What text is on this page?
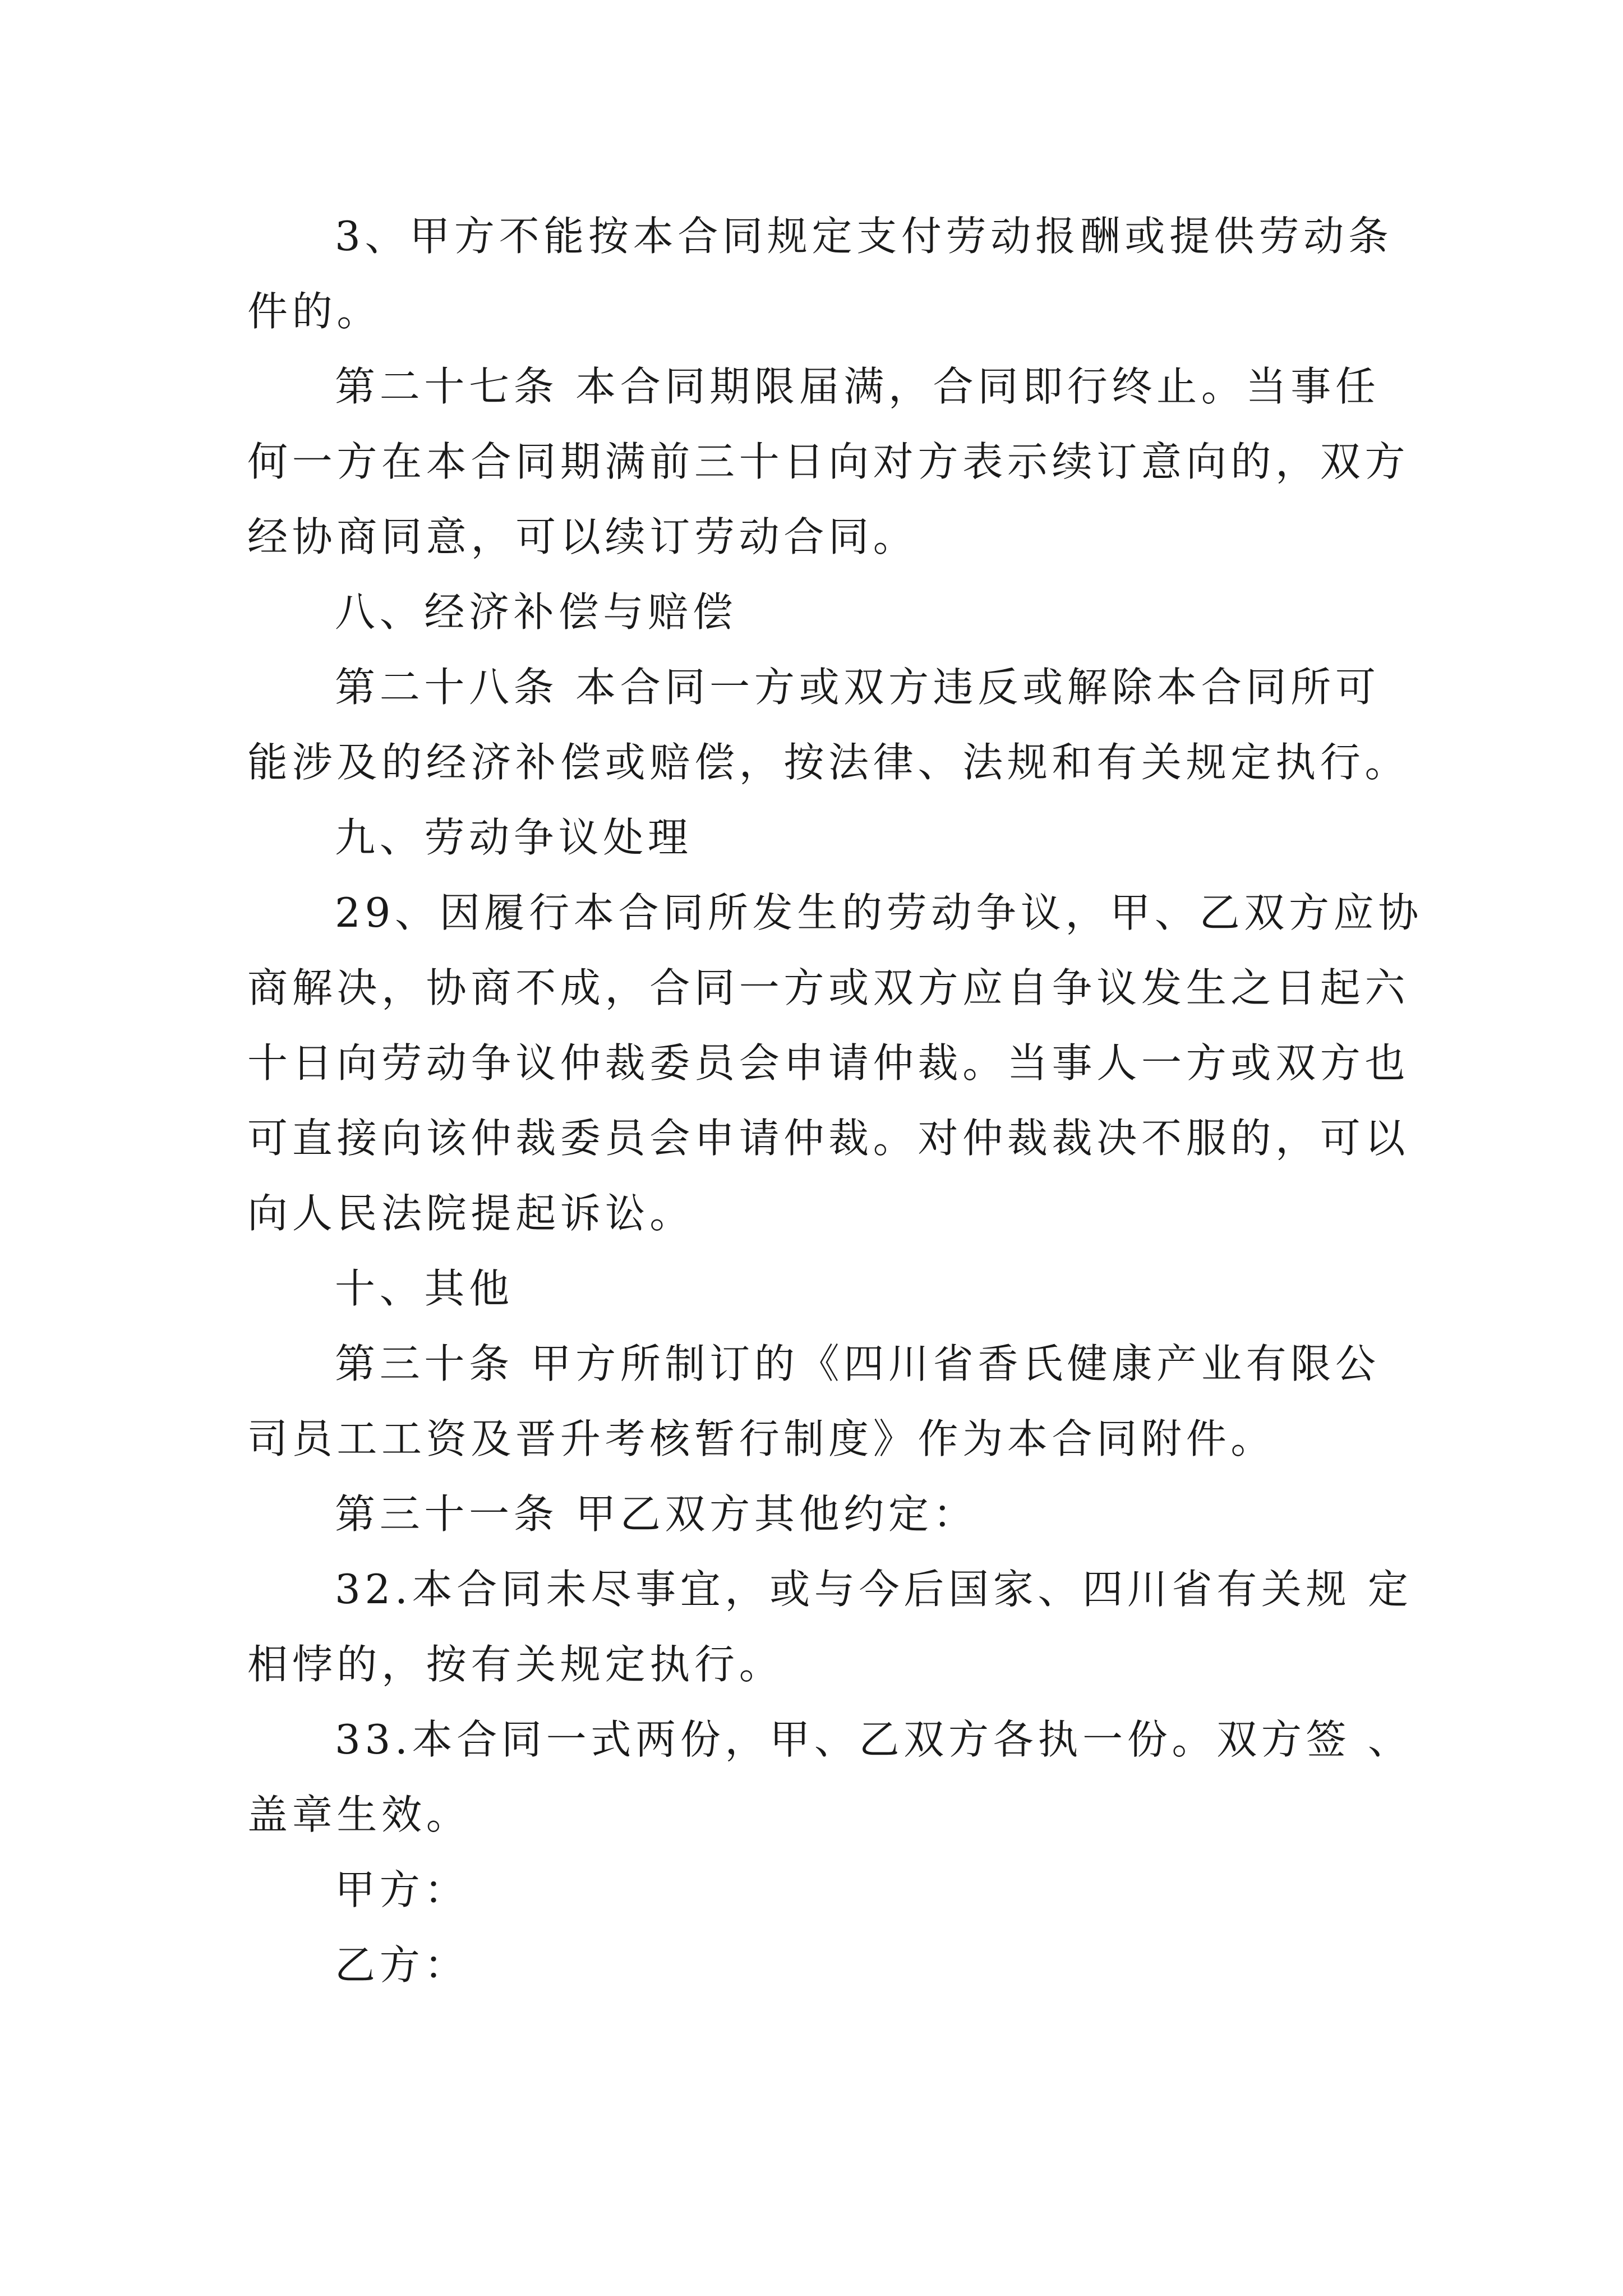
3、甲方不能按本合同规定支付劳动报酬或提供劳动条
件的。
第二十七条 本合同期限届满，合同即行终止。当事任
何一方在本合同期满前三十日向对方表示续订意向的，双方
经协商同意，可以续订劳动合同。
八、经济补偿与赔偿
第二十八条 本合同一方或双方违反或解除本合同所可
能涉及的经济补偿或赔偿，按法律、法规和有关规定执行。
九、劳动争议处理
29、因履行本合同所发生的劳动争议，甲、乙双方应协
商解决，协商不成，合同一方或双方应自争议发生之日起六
十日向劳动争议仲裁委员会申请仲裁。当事人一方或双方也
可直接向该仲裁委员会申请仲裁。对仲裁裁决不服的，可以
向人民法院提起诉讼。
十、其他
第三十条 甲方所制订的《四川省香氏健康产业有限公
司员工工资及晋升考核暂行制度》作为本合同附件。
第三十一条 甲乙双方其他约定：
32.本合同未尽事宜，或与今后国家、四川省有关规 定
相悖的，按有关规定执行。
33.本合同一式两份，甲、乙双方各执一份。双方签 、
盖章生效。
甲方：
乙方：
